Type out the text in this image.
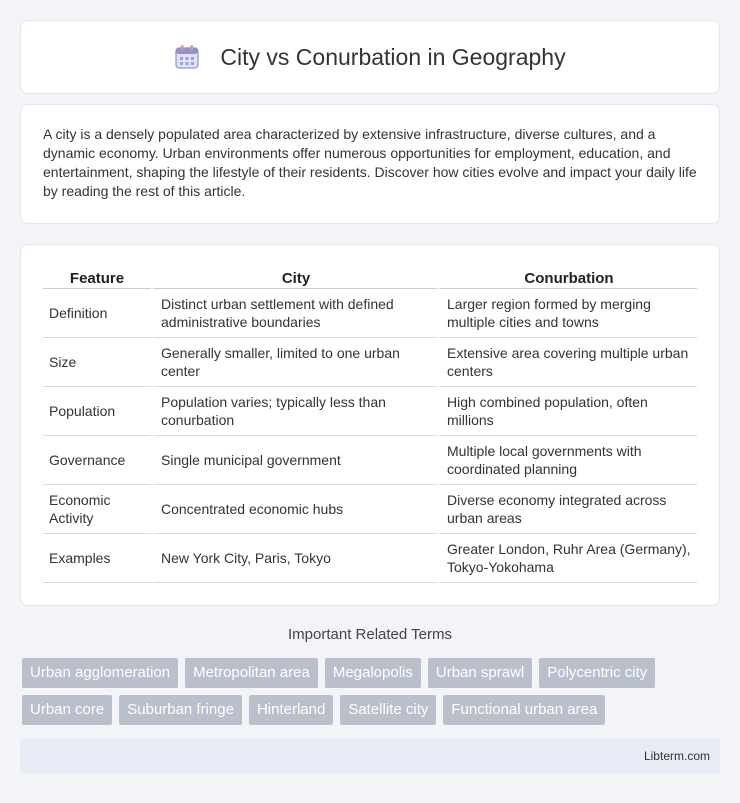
City vs Conurbation in Geography

A city is a densely populated area characterized by extensive infrastructure, diverse cultures, and a dynamic economy. Urban environments offer numerous opportunities for employment, education, and entertainment, shaping the lifestyle of their residents. Discover how cities evolve and impact your daily life by reading the rest of this article.

Feature	City	Conurbation
Definition	Distinct urban settlement with defined administrative boundaries	Larger region formed by merging multiple cities and towns
Size	Generally smaller, limited to one urban center	Extensive area covering multiple urban centers
Population	Population varies; typically less than conurbation	High combined population, often millions
Governance	Single municipal government	Multiple local governments with coordinated planning
Economic Activity	Concentrated economic hubs	Diverse economy integrated across urban areas
Examples	New York City, Paris, Tokyo	Greater London, Ruhr Area (Germany), Tokyo-Yokohama
Important Related Terms
Urban agglomeration	Metropolitan area	Megalopolis	Urban sprawl	Polycentric city
Urban core	Suburban fringe	Hinterland	Satellite city	Functional urban area
Libterm.com
